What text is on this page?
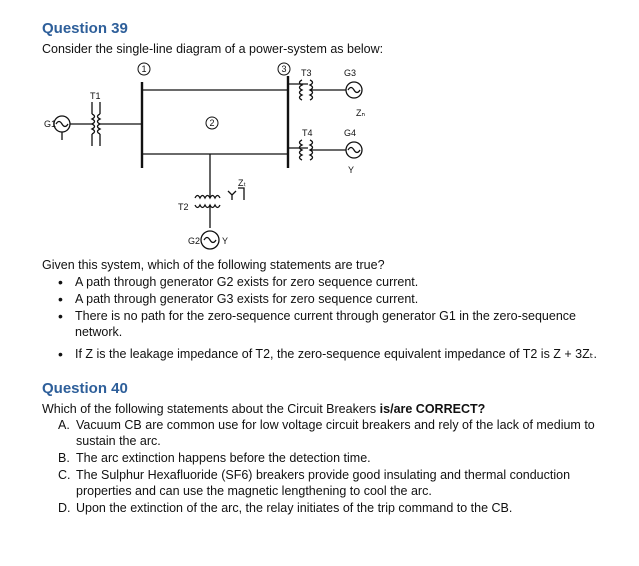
Question 39
Consider the single-line diagram of a power-system as below:
G1
T1
T2
T3
T4
G2
G3
G4
Zₜ
Zₙ
Y
Y
1	3
2
Given this system, which of the following statements are true?
• A path through generator G2 exists for zero sequence current.
• A path through generator G3 exists for zero sequence current.
• There is no path for the zero-sequence current through generator G1 in the zero-sequence network.
• If Z is the leakage impedance of T2, the zero-sequence equivalent impedance of T2 is Z + 3Zₜ.
Question 40
Which of the following statements about the Circuit Breakers is/are CORRECT?
A. Vacuum CB are common use for low voltage circuit breakers and rely of the lack of medium to sustain the arc.
B. The arc extinction happens before the detection time.
C. The Sulphur Hexafluoride (SF6) breakers provide good insulating and thermal conduction properties and can use the magnetic lengthening to cool the arc.
D. Upon the extinction of the arc, the relay initiates of the trip command to the CB.
